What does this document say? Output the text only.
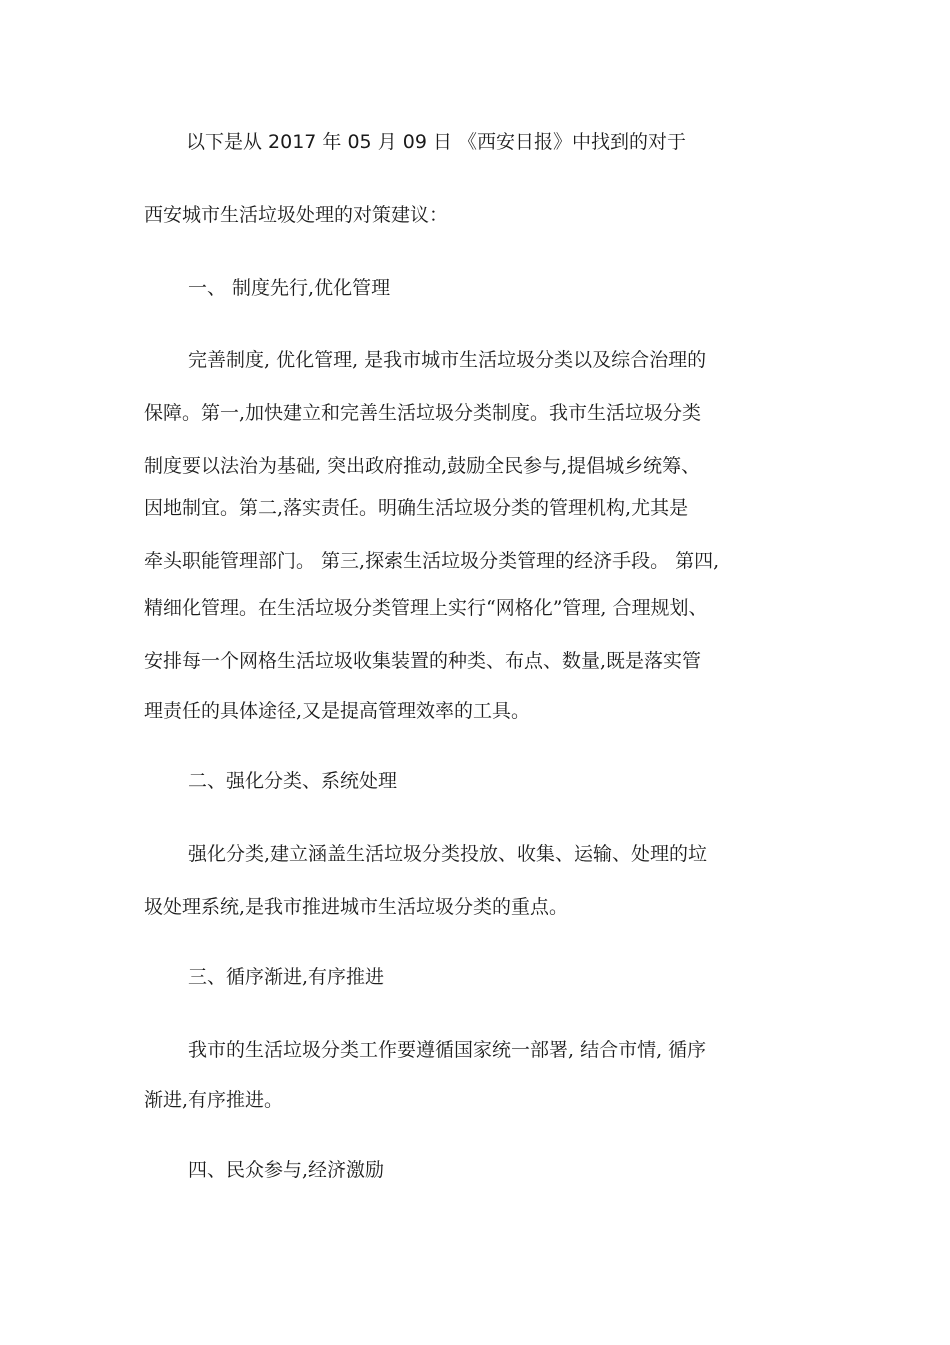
以下是从 2017 年 05 月 09 日 《西安日报》中找到的对于
西安城市生活垃圾处理的对策建议：
一、 制度先行,优化管理
完善制度, 优化管理, 是我市城市生活垃圾分类以及综合治理的
保障。第一,加快建立和完善生活垃圾分类制度。我市生活垃圾分类
制度要以法治为基础, 突出政府推动,鼓励全民参与,提倡城乡统筹、
因地制宜。第二,落实责任。明确生活垃圾分类的管理机构,尤其是
牵头职能管理部门。 第三,探索生活垃圾分类管理的经济手段。 第四,
精细化管理。在生活垃圾分类管理上实行“网格化”管理, 合理规划、
安排每一个网格生活垃圾收集装置的种类、布点、数量,既是落实管
理责任的具体途径,又是提高管理效率的工具。
二、强化分类、系统处理
强化分类,建立涵盖生活垃圾分类投放、收集、运输、处理的垃
圾处理系统,是我市推进城市生活垃圾分类的重点。
三、循序渐进,有序推进
我市的生活垃圾分类工作要遵循国家统一部署, 结合市情, 循序
渐进,有序推进。
四、民众参与,经济激励
